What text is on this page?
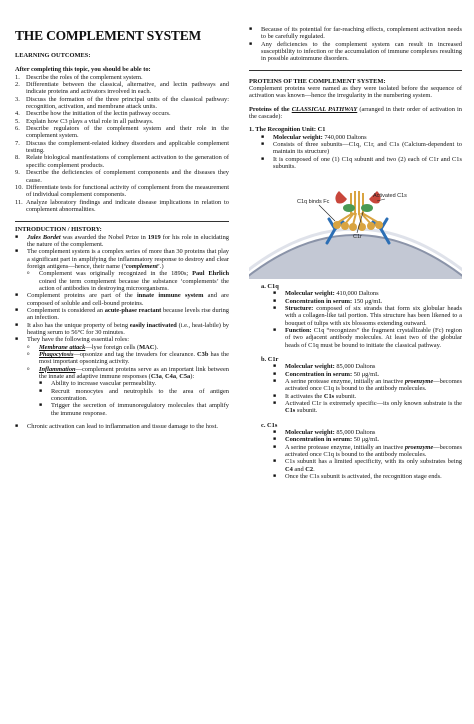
THE COMPLEMENT SYSTEM
LEARNING OUTCOMES:
After completing this topic, you should be able to:
1. Describe the roles of the complement system.
2. Differentiate between the classical, alternative, and lectin pathways and indicate proteins and activators involved in each.
3. Discuss the formation of the three principal units of the classical pathway: recognition, activation, and membrane attack units.
4. Describe how the initiation of the lectin pathway occurs.
5. Explain how C3 plays a vital role in all pathways.
6. Describe regulators of the complement system and their role in the complement system.
7. Discuss the complement-related kidney disorders and applicable complement testing.
8. Relate biological manifestations of complement activation to the generation of specific complement products.
9. Describe the deficiencies of complement components and the diseases they cause.
10. Differentiate tests for functional activity of complement from the measurement of individual complement components.
11. Analyze laboratory findings and indicate disease implications in relation to complement abnormalities.
INTRODUCTION / HISTORY:
■	Jules Bordet was awarded the Nobel Prize in 1919 for his role in elucidating the nature of the complement.
■	The complement system is a complex series of more than 30 proteins that play a significant part in amplifying the inflammatory response to destroy and clear foreign antigens—hence, their name (‘complement’.)
o	Complement was originally recognized in the 1890s; Paul Ehrlich coined the term complement because the substance ‘complements’ the action of antibodies in destroying microorganisms.
■	Complement proteins are part of the innate immune system and are composed of soluble and cell-bound proteins.
■	Complement is considered an acute-phase reactant because levels rise during an infection.
■	It also has the unique property of being easily inactivated (i.e., heat-labile) by heating serum to 56°C for 30 minutes.
■	They have the following essential roles:
o	Membrane attack—lyse foreign cells (MAC).
o	Phagocytosis—opsonize and tag the invaders for clearance. C3b has the most important opsonizing activity.
o	Inflammation—complement proteins serve as an important link between the innate and adaptive immune responses (C3a, C4a, C5a):
■	Ability to increase vascular permeability.
■	Recruit monocytes and neutrophils to the area of antigen concentration.
■	Trigger the secretion of immunoregulatory molecules that amplify the immune response.
■	Chronic activation can lead to inflammation and tissue damage to the host.
■	Because of its potential for far-reaching effects, complement activation needs to be carefully regulated.
■	Any deficiencies to the complement system can result in increased susceptibility to infection or the accumulation of immune complexes resulting in possible autoimmune disorders.
PROTEINS OF THE COMPLEMENT SYSTEM:

Complement proteins were named as they were isolated before the sequence of activation was known—hence the irregularity in the numbering system.

Proteins of the CLASSICAL PATHWAY (arranged in their order of activation in the cascade):

1. The Recognition Unit: C1
■	Molecular weight: 740,000 Daltons
■	Consists of three subunits—C1q, C1r, and C1s (Calcium-dependent to maintain its structure)
■	It is composed of one (1) C1q subunit and two (2) each of C1r and C1s subunits.
C1q binds Fc
Activated C1s
C1r
a. C1q
■	Molecular weight: 410,000 Daltons
■	Concentration in serum: 150 μg/mL
■	Structure: composed of six strands that form six globular heads with a collagen-like tail portion. This structure has been likened to a bouquet of tulips with six blossoms extending outward.
■	Function: C1q “recognizes” the fragment crystallizable (Fc) region of two adjacent antibody molecules. At least two of the globular heads of C1q must be bound to initiate the classical pathway.
b. C1r
■	Molecular weight: 85,000 Daltons
■	Concentration in serum: 50 μg/mL
■	A serine protease enzyme, initially an inactive proenzyme—becomes activated once C1q is bound to the antibody molecules.
■	It activates the C1s subunit.
■	Activated C1r is extremely specific—its only known substrate is the C1s subunit.
c. C1s
■	Molecular weight: 85,000 Daltons
■	Concentration in serum: 50 μg/mL
■	A serine protease enzyme, initially an inactive proenzyme—becomes activated once C1q is bound to the antibody molecules.
■	C1s subunit has a limited specificity, with its only substrates being C4 and C2.
■	Once the C1s subunit is activated, the recognition stage ends.
